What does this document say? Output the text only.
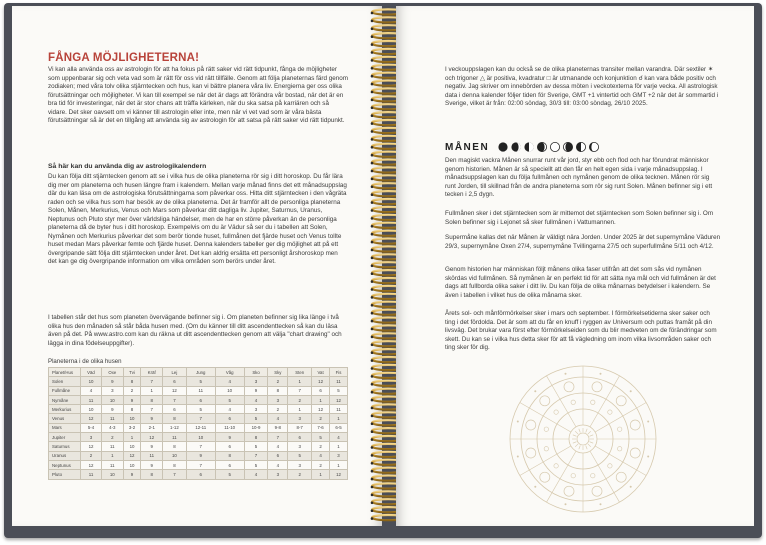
FÅNGA MÖJLIGHETERNA!

Vi kan alla använda oss av astrologin för att ha fokus på rätt saker vid rätt tidpunkt, fånga de möjligheter som uppenbarar sig och veta vad som är rätt för oss vid rätt tillfälle. Genom att följa planeternas färd genom zodiaken; med våra tolv olika stjärntecken och hus, kan vi bättre planera våra liv. Energierna ger oss olika förutsättningar och möjligheter. Vi kan till exempel se när det är dags att förändra vår bostad, när det är en bra tid för investeringar, när det är stor chans att träffa kärleken, när du ska satsa på karriären och så vidare. Det sker oavsett om vi känner till astrologin eller inte, men när vi vet vad som är våra bästa förutsättningar så är det en tillgång att använda sig av astrologin för att satsa på rätt saker vid rätt tidpunkt.

Så här kan du använda dig av astrologikalendern

Du kan följa ditt stjärntecken genom att se i vilka hus de olika planeterna rör sig i ditt horoskop. Du får lära dig mer om planeterna och husen längre fram i kalendern. Mellan varje månad finns det ett månadsuppslag där du kan läsa om de astrologiska förutsättningarna som påverkar oss. Hitta ditt stjärntecken i den vågräta raden och se vilka hus som har besök av de olika planeterna. Det är framför allt de personliga planeterna Solen, Månen, Merkurius, Venus och Mars som påverkar ditt dagliga liv. Jupiter, Saturnus, Uranus, Neptunus och Pluto styr mer över världsliga händelser, men de har en större påverkan än de personliga planeterna då de byter hus i ditt horoskop. Exempelvis om du är Vädur så ser du i tabellen att Solen, Nymånen och Merkurius påverkar det som berör tionde huset, fullmånen det fjärde huset och Venus tollte huset medan Mars påverkar femte och fjärde huset. Denna kalenders tabeller ger dig möjlighet att på ett övergripande sätt följa ditt stjärntecken under året. Det kan aldrig ersätta ett personligt årshoroskop men det kan ge dig övergripande information om vilka områden som berörs under året.

I tabellen står det hus som planeten övervägande befinner sig i. Om planeten befinner sig lika länge i två olika hus den månaden så står båda husen med. (Om du känner till ditt ascendenttecken så kan du läsa även på det. På www.astro.com kan du räkna ut ditt ascendenttecken genom att välja "chart drawing" och lägga in dina födelseuppgifter).

Planeterna i de olika husen

Planet/Hus	Väd	Oxe	Tvi	Kräf	Lej	Jung	Våg	Sko	Sky	Sten	Vat	Fis
Solen	10	9	8	7	6	5	4	3	2	1	12	11
Fullmåne	4	3	2	1	12	11	10	9	8	7	6	5
Nymåne	11	10	9	8	7	6	5	4	3	2	1	12
Merkurius	10	9	8	7	6	5	4	3	2	1	12	11
Venus	12	11	10	9	8	7	6	5	4	3	2	1
Mars	5-4	4-3	3-2	2-1	1-12	12-11	11-10	10-9	9-8	8-7	7-6	6-5
Jupiter	3	2	1	12	11	10	9	8	7	6	5	4
Saturnus	12	11	10	9	8	7	6	5	4	3	2	1
Uranus	2	1	12	11	10	9	8	7	6	5	4	3
Neptunus	12	11	10	9	8	7	6	5	4	3	2	1
Pluto	11	10	9	8	7	6	5	4	3	2	1	12

I veckouppslagen kan du också se de olika planeternas transiter mellan varandra. Där sextiler ✶ och trigoner △ är positiva, kvadratur □ är utmanande och konjunktion ☌ kan vara både positiv och negativ. Jag skriver om innebörden av dessa möten i veckotexterna för varje vecka. All astrologisk data i denna kalender följer tiden för Sverige, GMT +1 vintertid och GMT +2 när det är sommartid i Sverige, vilket är från: 02:00 söndag, 30/3 till: 03:00 söndag, 26/10 2025.

MÅNEN

Den magiskt vackra Månen snurrar runt vår jord, styr ebb och flod och har förundrat människor genom historien. Månen är så speciellt att den får en helt egen sida i varje månadsuppslag. I månadsuppslagen kan du följa fullmånen och nymånen genom de olika tecknen. Månen rör sig runt Jorden, till skillnad från de andra planeterna som rör sig runt Solen. Månen befinner sig i ett tecken i 2,5 dygn.

Fullmånen sker i det stjärntecken som är mittemot det stjärntecken som Solen befinner sig i. Om Solen befinner sig i Lejonet så sker fullmånen i Vattumannen.

Supermåne kallas det när Månen är väldigt nära Jorden. Under 2025 är det supernymåne Väduren 29/3, supernymåne Oxen 27/4, supernymåne Tvillingarna 27/5 och superfullmåne 5/11 och 4/12.

Genom historien har människan följt månens olika faser utifrån att det som sås vid nymånen skördas vid fullmånen. Så nymånen är en perfekt tid för att sätta nya mål och vid fullmånen är det dags att fullborda olika saker i ditt liv. Du kan följa de olika månarnas betydelser i kalendern. Se även i tabellen i vilket hus de olika månarna sker.

Årets sol- och månförmörkelser sker i mars och september. I förmörkelsetiderna sker saker och ting i det fördolda. Det är som att du får en knuff i ryggen av Universum och puttas framåt på din livsväg. Det brukar vara först efter förmörkelseiden som du blir medveten om de förändringar som skett. Du kan se i vilka hus detta sker för att få vägledning om inom vilka livsområden saker och ting sker för dig.
